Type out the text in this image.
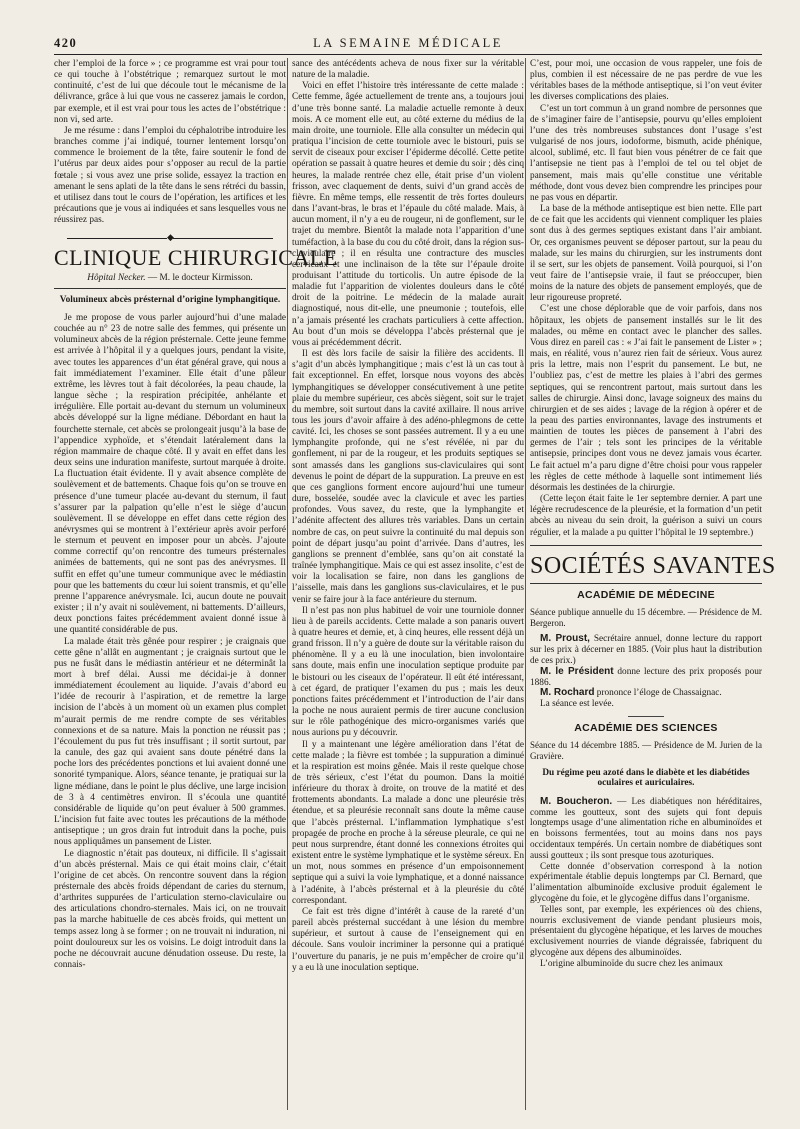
420	LA SEMAINE MÉDICALE

cher l’emploi de la force » ; ce programme est vrai pour tout ce qui touche à l’obstétrique ; remarquez surtout le mot continuité, c’est de lui que découle tout le mécanisme de la délivrance, grâce à lui que vous ne casserez jamais le cordon, par exemple, et il est vrai pour tous les actes de l’obstétrique : non vi, sed arte.

Je me résume : dans l’emploi du céphalotribe introduire les branches comme j’ai indiqué, tourner lentement lorsqu’on commence le broiement de la tête, faire soutenir le fond de l’utérus par deux aides pour s’opposer au recul de la partie fœtale ; si vous avez une prise solide, essayez la traction en amenant le sens aplati de la tête dans le sens rétréci du bassin, et utilisez dans tout le cours de l’opération, les artifices et les précautions que je vous ai indiquées et sans lesquelles vous ne réussirez pas.

◆
CLINIQUE CHIRURGICALE
Hôpital Necker. — M. le docteur Kirmisson.
Volumineux abcès présternal d’origine lymphangitique.

Je me propose de vous parler aujourd’hui d’une malade couchée au n° 23 de notre salle des femmes, qui présente un volumineux abcès de la région présternale. Cette jeune femme est arrivée à l’hôpital il y a quelques jours, pendant la visite, avec toutes les apparences d’un état général grave, qui nous a fait immédiatement l’examiner. Elle était d’une pâleur extrême, les lèvres tout à fait décolorées, la peau chaude, la langue sèche ; la respiration précipitée, anhélante et irrégulière. Elle portait au-devant du sternum un volumineux abcès développé sur la ligne médiane. Débordant en haut la fourchette sternale, cet abcès se prolongeait jusqu’à la base de l’appendice xyphoïde, et s’étendait latéralement dans la région mammaire de chaque côté. Il y avait en effet dans les deux seins une induration manifeste, surtout marquée à droite. La fluctuation était évidente. Il y avait absence complète de soulèvement et de battements. Chaque fois qu’on se trouve en présence d’une tumeur placée au-devant du sternum, il faut s’assurer par la palpation qu’elle n’est le siège d’aucun soulèvement. Il se développe en effet dans cette région des anévrysmes qui se montrent à l’extérieur après avoir perforé le sternum et peuvent en imposer pour un abcès. J’ajoute comme correctif qu’on rencontre des tumeurs présternales animées de battements, qui ne sont pas des anévrysmes. Il suffit en effet qu’une tumeur communique avec le médiastin pour que les battements du cœur lui soient transmis, et qu’elle prenne l’apparence anévrysmale. Ici, aucun doute ne pouvait exister ; il n’y avait ni soulèvement, ni battements. D’ailleurs, deux ponctions faites précédemment avaient donné issue à une quantité considérable de pus.

La malade était très gênée pour respirer ; je craignais que cette gêne n’allât en augmentant ; je craignais surtout que le pus ne fusât dans le médiastin antérieur et ne déterminât la mort à bref délai. Aussi me décidai-je à donner immédiatement écoulement au liquide. J’avais d’abord eu l’idée de recourir à l’aspiration, et de remettre la large incision de l’abcès à un moment où un examen plus complet m’aurait permis de me rendre compte de ses véritables connexions et de sa nature. Mais la ponction ne réussit pas ; l’écoulement du pus fut très insuffisant ; il sortit surtout, par la canule, des gaz qui avaient sans doute pénétré dans la poche lors des précédentes ponctions et lui avaient donné une sonorité tympanique. Alors, séance tenante, je pratiquai sur la ligne médiane, dans le point le plus déclive, une large incision de 3 à 4 centimètres environ. Il s’écoula une quantité considérable de liquide qu’on peut évaluer à 500 grammes. L’incision fut faite avec toutes les précautions de la méthode antiseptique ; un gros drain fut introduit dans la poche, puis nous appliquâmes un pansement de Lister.

Le diagnostic n’était pas douteux, ni difficile. Il s’agissait d’un abcès présternal. Mais ce qui était moins clair, c’était l’origine de cet abcès. On rencontre souvent dans la région présternale des abcès froids dépendant de caries du sternum, d’arthrites suppurées de l’articulation sterno-claviculaire ou des articulations chondro-sternales. Mais ici, on ne trouvait pas la marche habituelle de ces abcès froids, qui mettent un temps assez long à se former ; on ne trouvait ni induration, ni point douloureux sur les os voisins. Le doigt introduit dans la poche ne découvrait aucune dénudation osseuse. Du reste, la connais-

sance des antécédents acheva de nous fixer sur la véritable nature de la maladie.

Voici en effet l’histoire très intéressante de cette malade : Cette femme, âgée actuellement de trente ans, a toujours joui d’une très bonne santé. La maladie actuelle remonte à deux mois. A ce moment elle eut, au côté externe du médius de la main droite, une tourniole. Elle alla consulter un médecin qui pratiqua l’incision de cette tourniole avec le bistouri, puis se servit de ciseaux pour exciser l’épiderme décollé. Cette petite opération se passait à quatre heures et demie du soir ; dès cinq heures, la malade rentrée chez elle, était prise d’un violent frisson, avec claquement de dents, suivi d’un grand accès de fièvre. En même temps, elle ressentit de très fortes douleurs dans l’avant-bras, le bras et l’épaule du côté malade. Mais, à aucun moment, il n’y a eu de rougeur, ni de gonflement, sur le trajet du membre. Bientôt la malade nota l’apparition d’une tuméfaction, à la base du cou du côté droit, dans la région sus-claviculaire ; il en résulta une contracture des muscles cervicaux et une inclinaison de la tête sur l’épaule droite produisant l’attitude du torticolis. Un autre épisode de la maladie fut l’apparition de violentes douleurs dans le côté droit de la poitrine. Le médecin de la malade aurait diagnostiqué, nous dit-elle, une pneumonie ; toutefois, elle n’a jamais présenté les crachats particuliers à cette affection. Au bout d’un mois se développa l’abcès présternal que je vous ai précédemment décrit.

Il est dès lors facile de saisir la filière des accidents. Il s’agit d’un abcès lymphangitique ; mais c’est là un cas tout à fait exceptionnel. En effet, lorsque nous voyons des abcès lymphangitiques se développer consécutivement à une petite plaie du membre supérieur, ces abcès siègent, soit sur le trajet du membre, soit surtout dans la cavité axillaire. Il nous arrive tous les jours d’avoir affaire à des adéno-phlegmons de cette cavité. Ici, les choses se sont passées autrement. Il y a eu une lymphangite profonde, qui ne s’est révélée, ni par du gonflement, ni par de la rougeur, et les produits septiques se sont amassés dans les ganglions sus-claviculaires qui sont devenus le point de départ de la suppuration. La preuve en est que ces ganglions forment encore aujourd’hui une tumeur dure, bosselée, soudée avec la clavicule et avec les parties profondes. Vous savez, du reste, que la lymphangite et l’adénite affectent des allures très variables. Dans un certain nombre de cas, on peut suivre la continuité du mal depuis son point de départ jusqu’au point d’arrivée. Dans d’autres, les ganglions se prennent d’emblée, sans qu’on ait constaté la traînée lymphangitique. Mais ce qui est assez insolite, c’est de voir la localisation se faire, non dans les ganglions de l’aisselle, mais dans les ganglions sus-claviculaires, et le pus venir se faire jour à la face antérieure du sternum.

Il n’est pas non plus habituel de voir une tourniole donner lieu à de pareils accidents. Cette malade a son panaris ouvert à quatre heures et demie, et, à cinq heures, elle ressent déjà un grand frisson. Il n’y a guère de doute sur la véritable raison du phénomène. Il y a eu là une inoculation, bien involontaire sans doute, mais enfin une inoculation septique produite par le bistouri ou les ciseaux de l’opérateur. Il eût été intéressant, à cet égard, de pratiquer l’examen du pus ; mais les deux ponctions faites précédemment et l’introduction de l’air dans la poche ne nous auraient permis de tirer aucune conclusion sur le rôle pathogénique des micro-organismes variés que nous aurions pu y découvrir.

Il y a maintenant une légère amélioration dans l’état de cette malade ; la fièvre est tombée ; la suppuration a diminué et la respiration est moins gênée. Mais il reste quelque chose de très sérieux, c’est l’état du poumon. Dans la moitié inférieure du thorax à droite, on trouve de la matité et des frottements abondants. La malade a donc une pleurésie très étendue, et sa pleurésie reconnaît sans doute la même cause que l’abcès présternal. L’inflammation lymphatique s’est propagée de proche en proche à la séreuse pleurale, ce qui ne peut nous surprendre, étant donné les connexions étroites qui existent entre le système lymphatique et le système séreux. En un mot, nous sommes en présence d’un empoisonnement septique qui a suivi la voie lymphatique, et a donné naissance à l’adénite, à l’abcès présternal et à la pleurésie du côté correspondant.

Ce fait est très digne d’intérêt à cause de la rareté d’un pareil abcès présternal succédant à une lésion du membre supérieur, et surtout à cause de l’enseignement qui en découle. Sans vouloir incriminer la personne qui a pratiqué l’ouverture du panaris, je ne puis m’empêcher de croire qu’il y a eu là une inoculation septique.

C’est, pour moi, une occasion de vous rappeler, une fois de plus, combien il est nécessaire de ne pas perdre de vue les véritables bases de la méthode antiseptique, si l’on veut éviter les diverses complications des plaies.

C’est un tort commun à un grand nombre de personnes que de s’imaginer faire de l’antisepsie, pourvu qu’elles emploient l’une des très nombreuses substances dont l’usage s’est vulgarisé de nos jours, iodoforme, bismuth, acide phénique, alcool, sublimé, etc. Il faut bien vous pénétrer de ce fait que l’antisepsie ne tient pas à l’emploi de tel ou tel objet de pansement, mais mais qu’elle constitue une véritable méthode, dont vous devez bien comprendre les principes pour ne pas vous en départir.

La base de la méthode antiseptique est bien nette. Elle part de ce fait que les accidents qui viennent compliquer les plaies sont dus à des germes septiques existant dans l’air ambiant. Or, ces organismes peuvent se déposer partout, sur la peau du malade, sur les mains du chirurgien, sur les instruments dont il se sert, sur les objets de pansement. Voilà pourquoi, si l’on veut faire de l’antisepsie vraie, il faut se préoccuper, bien moins de la nature des objets de pansement employés, que de leur rigoureuse propreté.

C’est une chose déplorable que de voir parfois, dans nos hôpitaux, les objets de pansement installés sur le lit des malades, ou même en contact avec le plancher des salles. Vous direz en pareil cas : « J’ai fait le pansement de Lister » ; mais, en réalité, vous n’aurez rien fait de sérieux. Vous aurez pris la lettre, mais non l’esprit du pansement. Le but, ne l’oubliez pas, c’est de mettre les plaies à l’abri des germes septiques, qui se rencontrent partout, mais surtout dans les salles de chirurgie. Ainsi donc, lavage soigneux des mains du chirurgien et de ses aides ; lavage de la région à opérer et de la peau des parties environnantes, lavage des instruments et maintien de toutes les pièces de pansement à l’abri des germes de l’air ; tels sont les principes de la véritable antisepsie, principes dont vous ne devez jamais vous écarter. Le fait actuel m’a paru digne d’être choisi pour vous rappeler les règles de cette méthode à laquelle sont intimement liés désormais les destinées de la chirurgie.

(Cette leçon était faite le 1er septembre dernier. A part une légère recrudescence de la pleurésie, et la formation d’un petit abcès au niveau du sein droit, la guérison a suivi un cours régulier, et la malade a pu quitter l’hôpital le 19 septembre.)

SOCIÉTÉS SAVANTES
ACADÉMIE DE MÉDECINE
Séance publique annuelle du 15 décembre. — Présidence de M. Bergeron.

M. Proust, Secrétaire annuel, donne lecture du rapport sur les prix à décerner en 1885. (Voir plus haut la distribution de ces prix.)

M. le Président donne lecture des prix proposés pour 1886.

M. Rochard prononce l’éloge de Chassaignac.

La séance est levée.

ACADÉMIE DES SCIENCES
Séance du 14 décembre 1885. — Présidence de M. Jurien de la Gravière.
Du régime peu azoté dans le diabète et les diabétides oculaires et auriculaires.

M. Boucheron. — Les diabétiques non héréditaires, comme les goutteux, sont des sujets qui font depuis longtemps usage d’une alimentation riche en albuminoïdes et en boissons fermentées, tout au moins dans nos pays occidentaux tempérés. Un certain nombre de diabétiques sont aussi goutteux ; ils sont presque tous azoturiques.

Cette donnée d’observation correspond à la notion expérimentale établie depuis longtemps par Cl. Bernard, que l’alimentation albuminoïde exclusive produit également le glycogène du foie, et le glycogène diffus dans l’organisme.

Telles sont, par exemple, les expériences où des chiens, nourris exclusivement de viande pendant plusieurs mois, présentaient du glycogène hépatique, et les larves de mouches exclusivement nourries de viande dégraissée, fabriquent du glycogène aux dépens des albuminoïdes.

L’origine albuminoïde du sucre chez les animaux
